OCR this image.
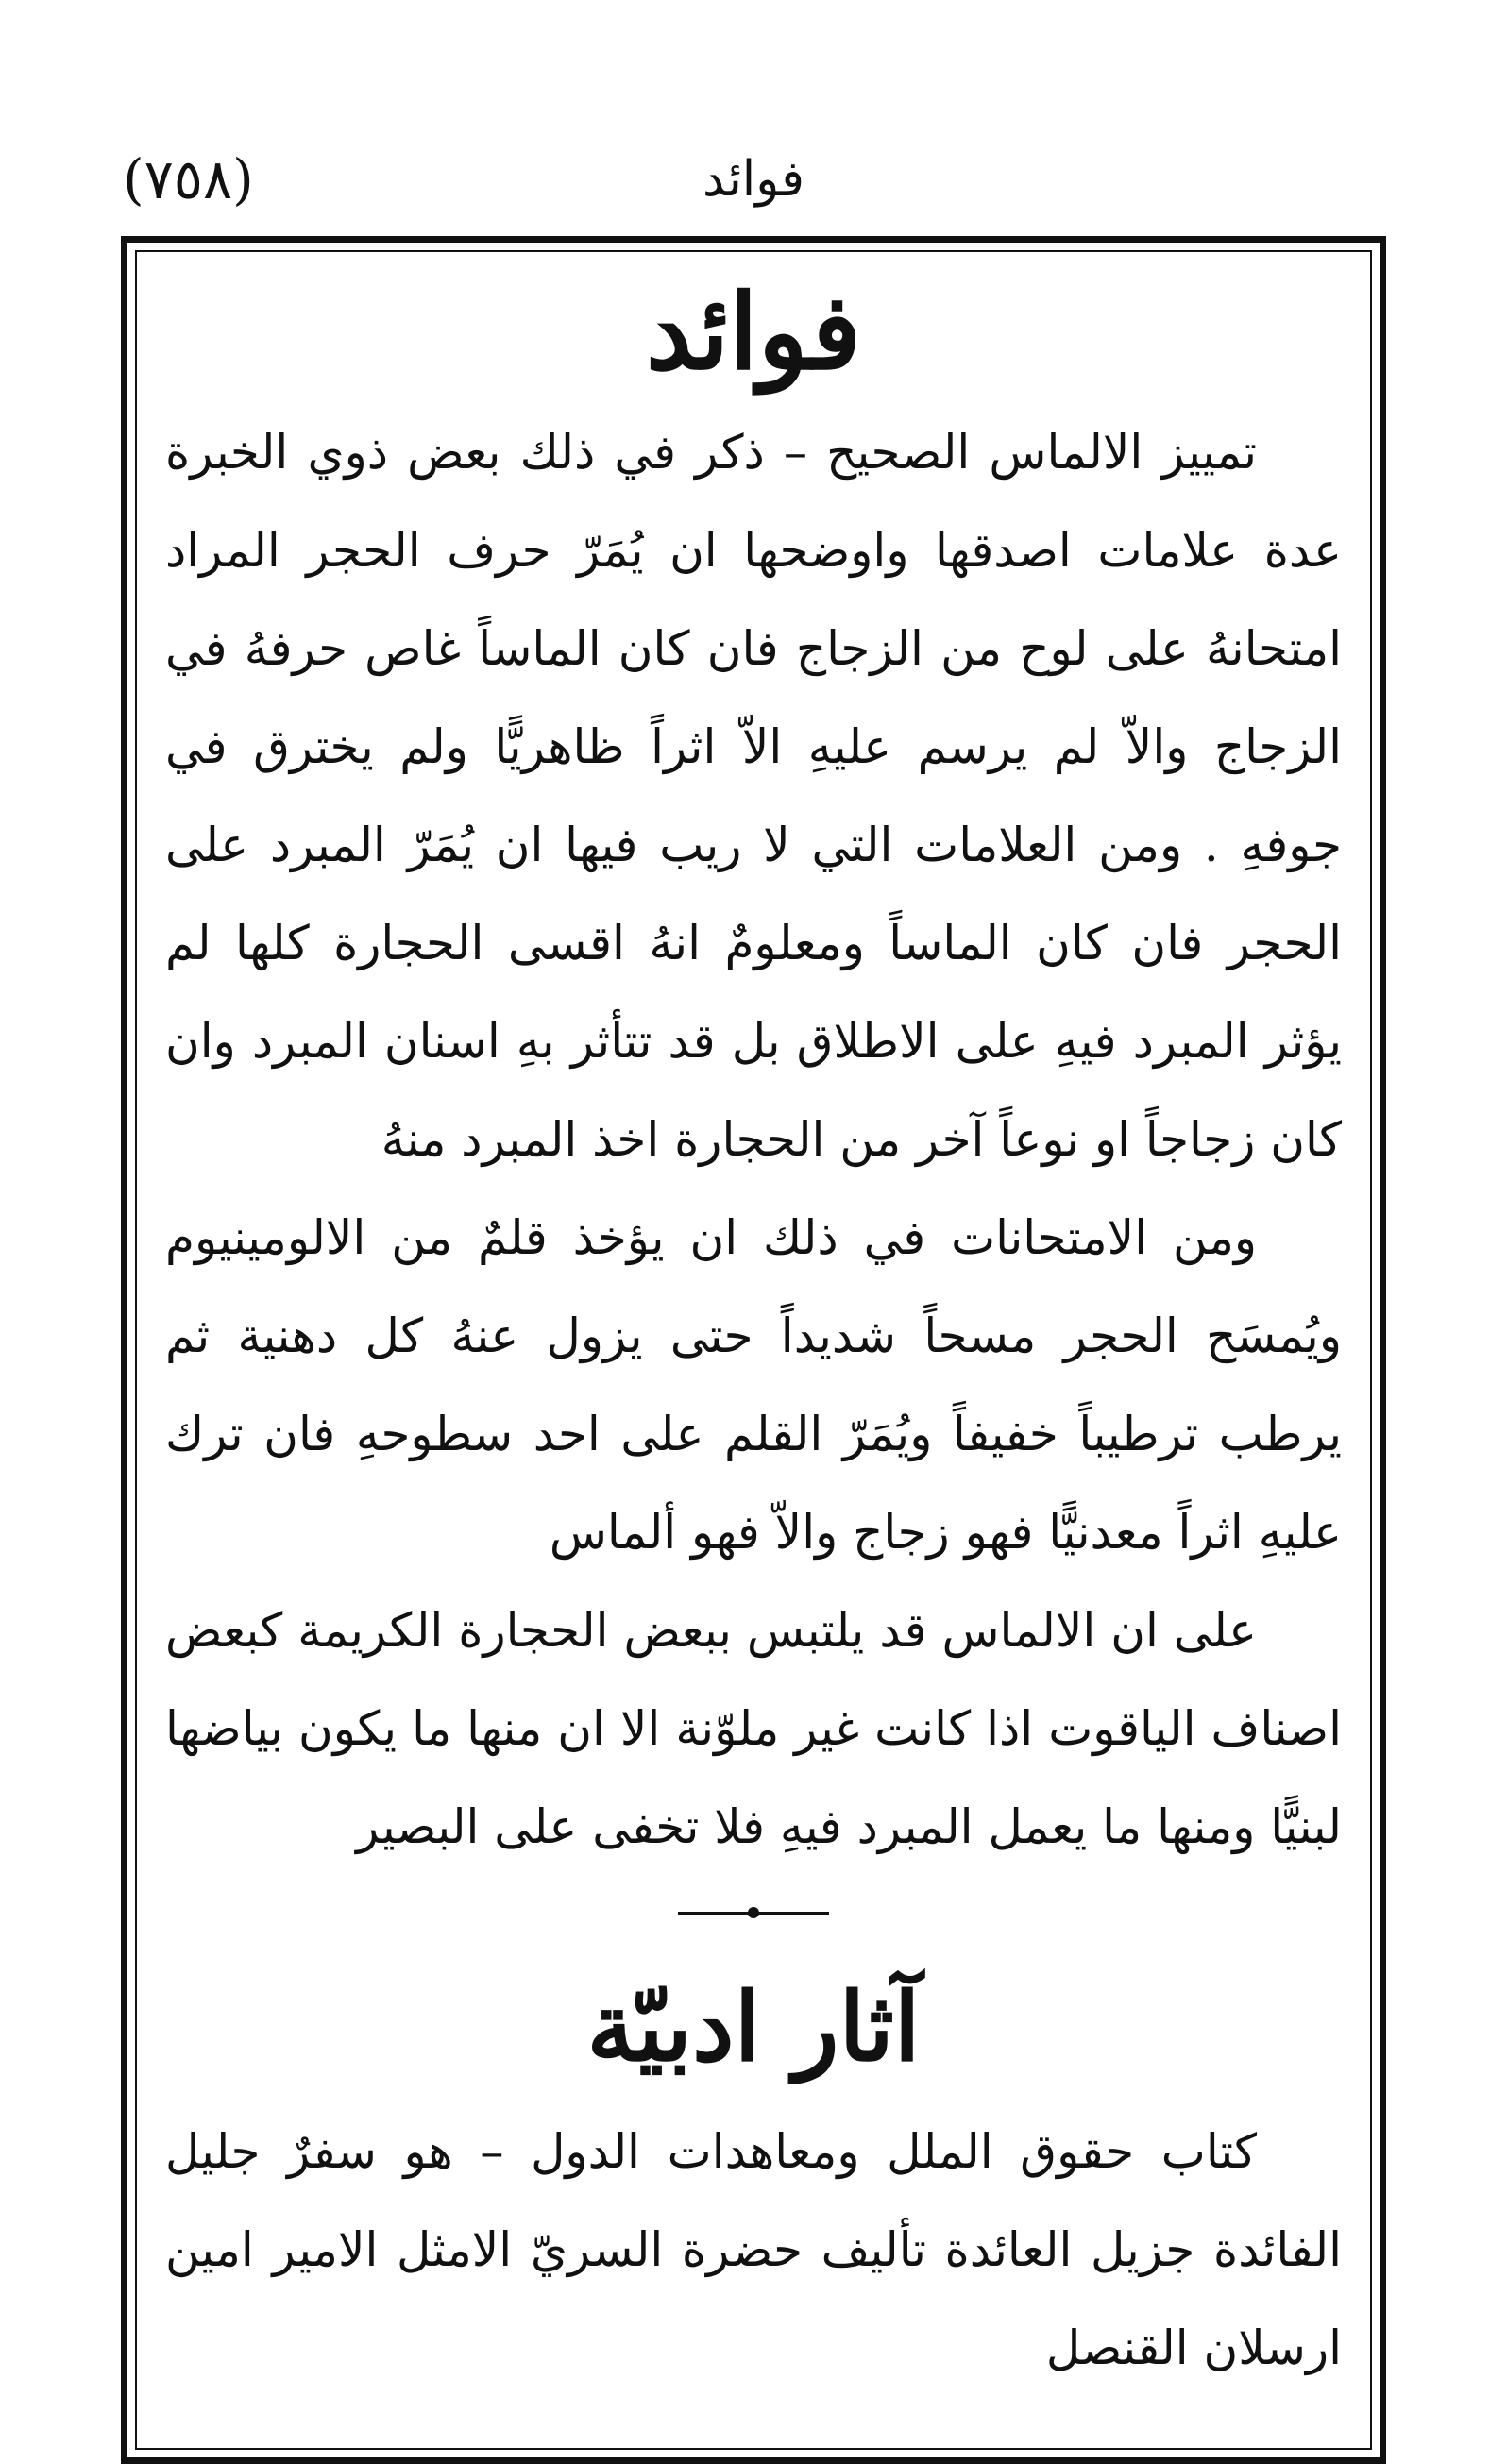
(٧٥٨)	فوائد
فوائد

تمييز الالماس الصحيح – ذكر في ذلك بعض ذوي الخبرة عدة علامات اصدقها واوضحها ان يُمَرّ حرف الحجر المراد امتحانهُ على لوح من الزجاج فان كان الماساً غاص حرفهُ في الزجاج والاّ لم يرسم عليهِ الاّ اثراً ظاهريًّا ولم يخترق في جوفهِ . ومن العلامات التي لا ريب فيها ان يُمَرّ المبرد على الحجر فان كان الماساً ومعلومٌ انهُ اقسى الحجارة كلها لم يؤثر المبرد فيهِ على الاطلاق بل قد تتأثر بهِ اسنان المبرد وان كان زجاجاً او نوعاً آخر من الحجارة اخذ المبرد منهُ

ومن الامتحانات في ذلك ان يؤخذ قلمٌ من الالومينيوم ويُمسَح الحجر مسحاً شديداً حتى يزول عنهُ كل دهنية ثم يرطب ترطيباً خفيفاً ويُمَرّ القلم على احد سطوحهِ فان ترك عليهِ اثراً معدنيًّا فهو زجاج والاّ فهو ألماس

على ان الالماس قد يلتبس ببعض الحجارة الكريمة كبعض اصناف الياقوت اذا كانت غير ملوّنة الا ان منها ما يكون بياضها لبنيًّا ومنها ما يعمل المبرد فيهِ فلا تخفى على البصير

آثار ادبيّة

كتاب حقوق الملل ومعاهدات الدول – هو سفرٌ جليل الفائدة جزيل العائدة تأليف حضرة السريّ الامثل الامير امين ارسلان القنصل
